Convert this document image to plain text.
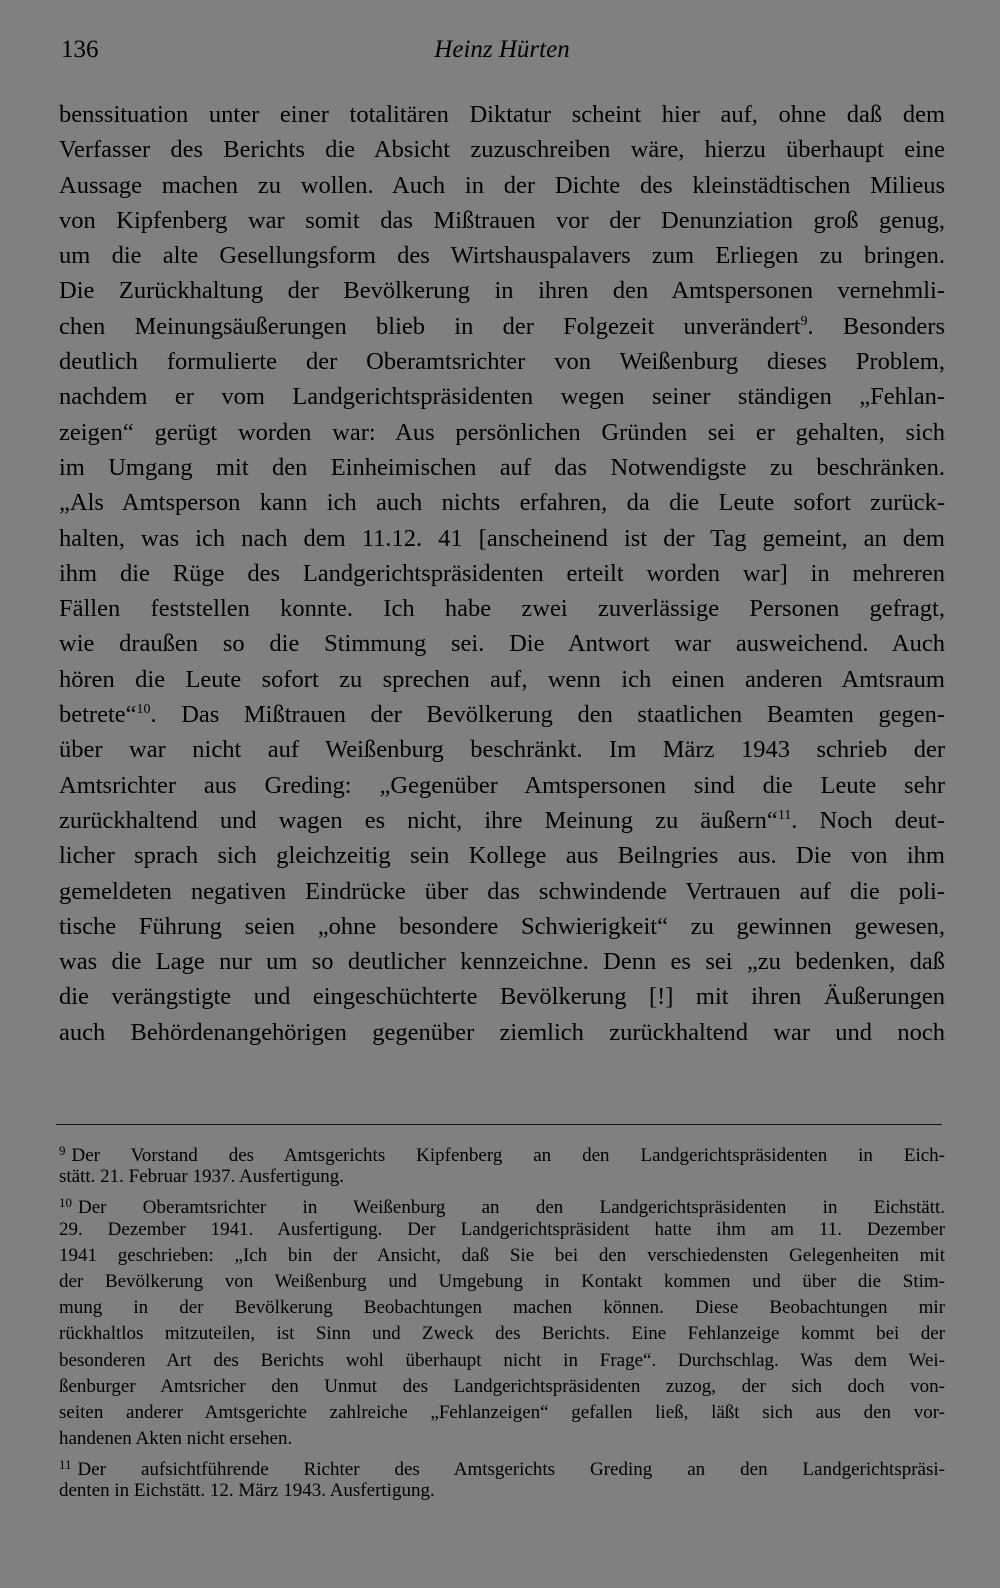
136	Heinz Hürten
benssituation unter einer totalitären Diktatur scheint hier auf, ohne daß dem
Verfasser des Berichts die Absicht zuzuschreiben wäre, hierzu überhaupt eine
Aussage machen zu wollen. Auch in der Dichte des kleinstädtischen Milieus
von Kipfenberg war somit das Mißtrauen vor der Denunziation groß genug,
um die alte Gesellungsform des Wirtshauspalavers zum Erliegen zu bringen.
Die Zurückhaltung der Bevölkerung in ihren den Amtspersonen vernehmli-
chen Meinungsäußerungen blieb in der Folgezeit unverändert$^9$. Besonders
deutlich formulierte der Oberamtsrichter von Weißenburg dieses Problem,
nachdem er vom Landgerichtspräsidenten wegen seiner ständigen „Fehlan-
zeigen“ gerügt worden war: Aus persönlichen Gründen sei er gehalten, sich
im Umgang mit den Einheimischen auf das Notwendigste zu beschränken.
„Als Amtsperson kann ich auch nichts erfahren, da die Leute sofort zurück-
halten, was ich nach dem 11.12. 41 [anscheinend ist der Tag gemeint, an dem
ihm die Rüge des Landgerichtspräsidenten erteilt worden war] in mehreren
Fällen feststellen konnte. Ich habe zwei zuverlässige Personen gefragt,
wie draußen so die Stimmung sei. Die Antwort war ausweichend. Auch
hören die Leute sofort zu sprechen auf, wenn ich einen anderen Amtsraum
betrete“$^{10}$. Das Mißtrauen der Bevölkerung den staatlichen Beamten gegen-
über war nicht auf Weißenburg beschränkt. Im März 1943 schrieb der
Amtsrichter aus Greding: „Gegenüber Amtspersonen sind die Leute sehr
zurückhaltend und wagen es nicht, ihre Meinung zu äußern“$^{11}$. Noch deut-
licher sprach sich gleichzeitig sein Kollege aus Beilngries aus. Die von ihm
gemeldeten negativen Eindrücke über das schwindende Vertrauen auf die poli-
tische Führung seien „ohne besondere Schwierigkeit“ zu gewinnen gewesen,
was die Lage nur um so deutlicher kennzeichne. Denn es sei „zu bedenken, daß
die verängstigte und eingeschüchterte Bevölkerung [!] mit ihren Äußerungen
auch Behördenangehörigen gegenüber ziemlich zurückhaltend war und noch
$^9$ Der Vorstand des Amtsgerichts Kipfenberg an den Landgerichtspräsidenten in Eich-
stätt. 21. Februar 1937. Ausfertigung.
$^{10}$ Der Oberamtsrichter in Weißenburg an den Landgerichtspräsidenten in Eichstätt.
29. Dezember 1941. Ausfertigung. Der Landgerichtspräsident hatte ihm am 11. Dezember
1941 geschrieben: „Ich bin der Ansicht, daß Sie bei den verschiedensten Gelegenheiten mit
der Bevölkerung von Weißenburg und Umgebung in Kontakt kommen und über die Stim-
mung in der Bevölkerung Beobachtungen machen können. Diese Beobachtungen mir
rückhaltlos mitzuteilen, ist Sinn und Zweck des Berichts. Eine Fehlanzeige kommt bei der
besonderen Art des Berichts wohl überhaupt nicht in Frage“. Durchschlag. Was dem Wei-
ßenburger Amtsricher den Unmut des Landgerichtspräsidenten zuzog, der sich doch von-
seiten anderer Amtsgerichte zahlreiche „Fehlanzeigen“ gefallen ließ, läßt sich aus den vor-
handenen Akten nicht ersehen.
$^{11}$ Der aufsichtführende Richter des Amtsgerichts Greding an den Landgerichtspräsi-
denten in Eichstätt. 12. März 1943. Ausfertigung.
